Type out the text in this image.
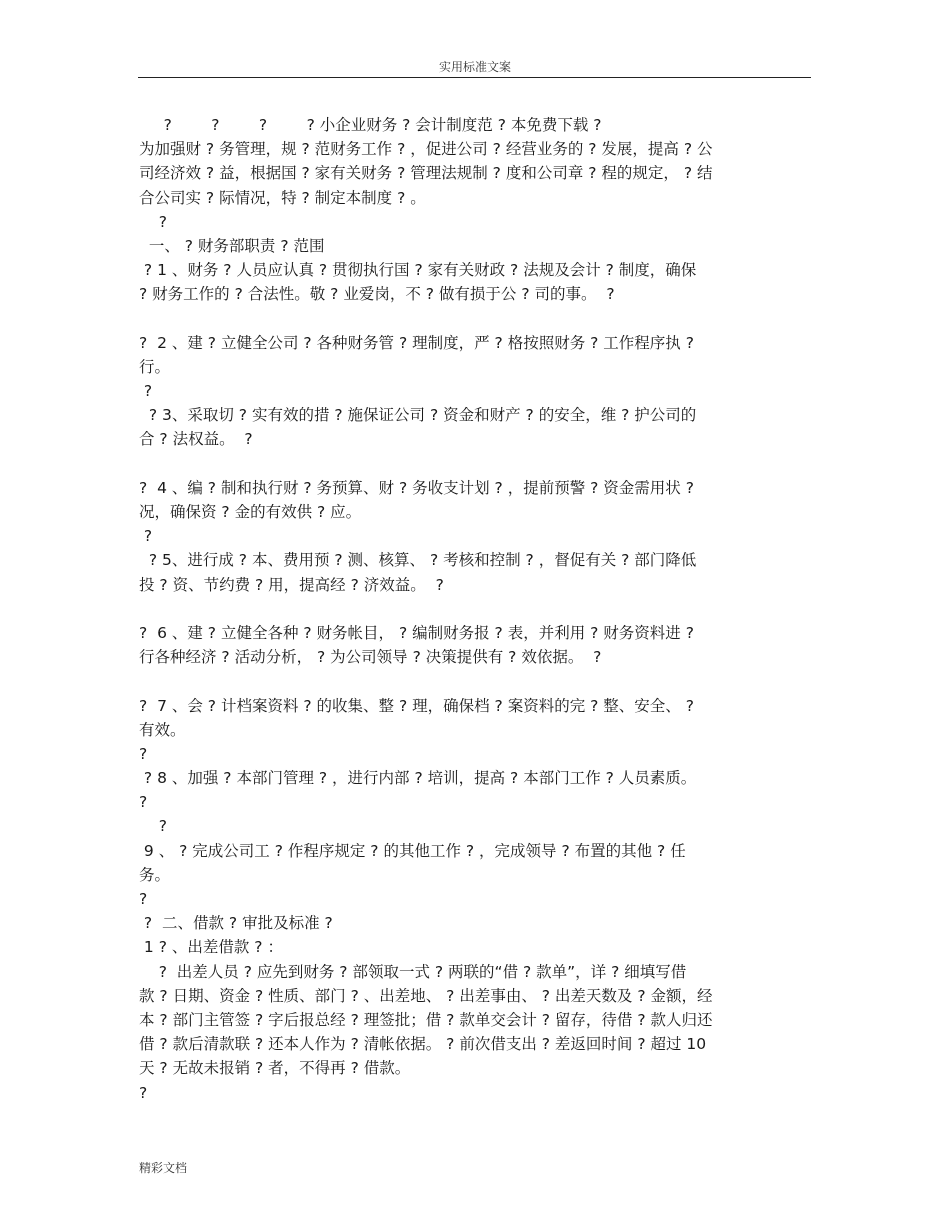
实用标准文案
?        ?        ?        ? 小企业财务 ? 会计制度范 ? 本免费下载 ?
为加强财 ? 务管理，规 ? 范财务工作 ? ，促进公司 ? 经营业务的 ? 发展，提高 ? 公
司经济效 ? 益，根据国 ? 家有关财务 ? 管理法规制 ? 度和公司章 ? 程的规定， ? 结
合公司实 ? 际情况，特 ? 制定本制度 ? 。
?
一、 ? 财务部职责 ? 范围
? 1 、财务 ? 人员应认真 ? 贯彻执行国 ? 家有关财政 ? 法规及会计 ? 制度，确保
? 财务工作的 ? 合法性。敬 ? 业爱岗，不 ? 做有损于公 ? 司的事。  ?
?  2 、建 ? 立健全公司 ? 各种财务管 ? 理制度，严 ? 格按照财务 ? 工作程序执 ?
行。
?
? 3、采取切 ? 实有效的措 ? 施保证公司 ? 资金和财产 ? 的安全，维 ? 护公司的
合 ? 法权益。  ?
?  4 、编 ? 制和执行财 ? 务预算、财 ? 务收支计划 ? ，提前预警 ? 资金需用状 ?
况，确保资 ? 金的有效供 ? 应。
?
? 5、进行成 ? 本、费用预 ? 测、核算、 ? 考核和控制 ? ，督促有关 ? 部门降低
投 ? 资、节约费 ? 用，提高经 ? 济效益。  ?
?  6 、建 ? 立健全各种 ? 财务帐目， ? 编制财务报 ? 表，并利用 ? 财务资料进 ?
行各种经济 ? 活动分析， ? 为公司领导 ? 决策提供有 ? 效依据。  ?
?  7 、会 ? 计档案资料 ? 的收集、整 ? 理，确保档 ? 案资料的完 ? 整、安全、 ?
有效。
?
? 8 、加强 ? 本部门管理 ? ，进行内部 ? 培训，提高 ? 本部门工作 ? 人员素质。
?
?
9 、 ? 完成公司工 ? 作程序规定 ? 的其他工作 ? ，完成领导 ? 布置的其他 ? 任
务。
?
?  二、借款 ? 审批及标准 ?
1 ? 、出差借款 ? ：
?  出差人员 ? 应先到财务 ? 部领取一式 ? 两联的“借 ? 款单”，详 ? 细填写借
款 ? 日期、资金 ? 性质、部门 ? 、出差地、 ? 出差事由、 ? 出差天数及 ? 金额，经
本 ? 部门主管签 ? 字后报总经 ? 理签批；借 ? 款单交会计 ? 留存，待借 ? 款人归还
借 ? 款后清款联 ? 还本人作为 ? 清帐依据。 ? 前次借支出 ? 差返回时间 ? 超过 10
天 ? 无故未报销 ? 者，不得再 ? 借款。
?
精彩文档
